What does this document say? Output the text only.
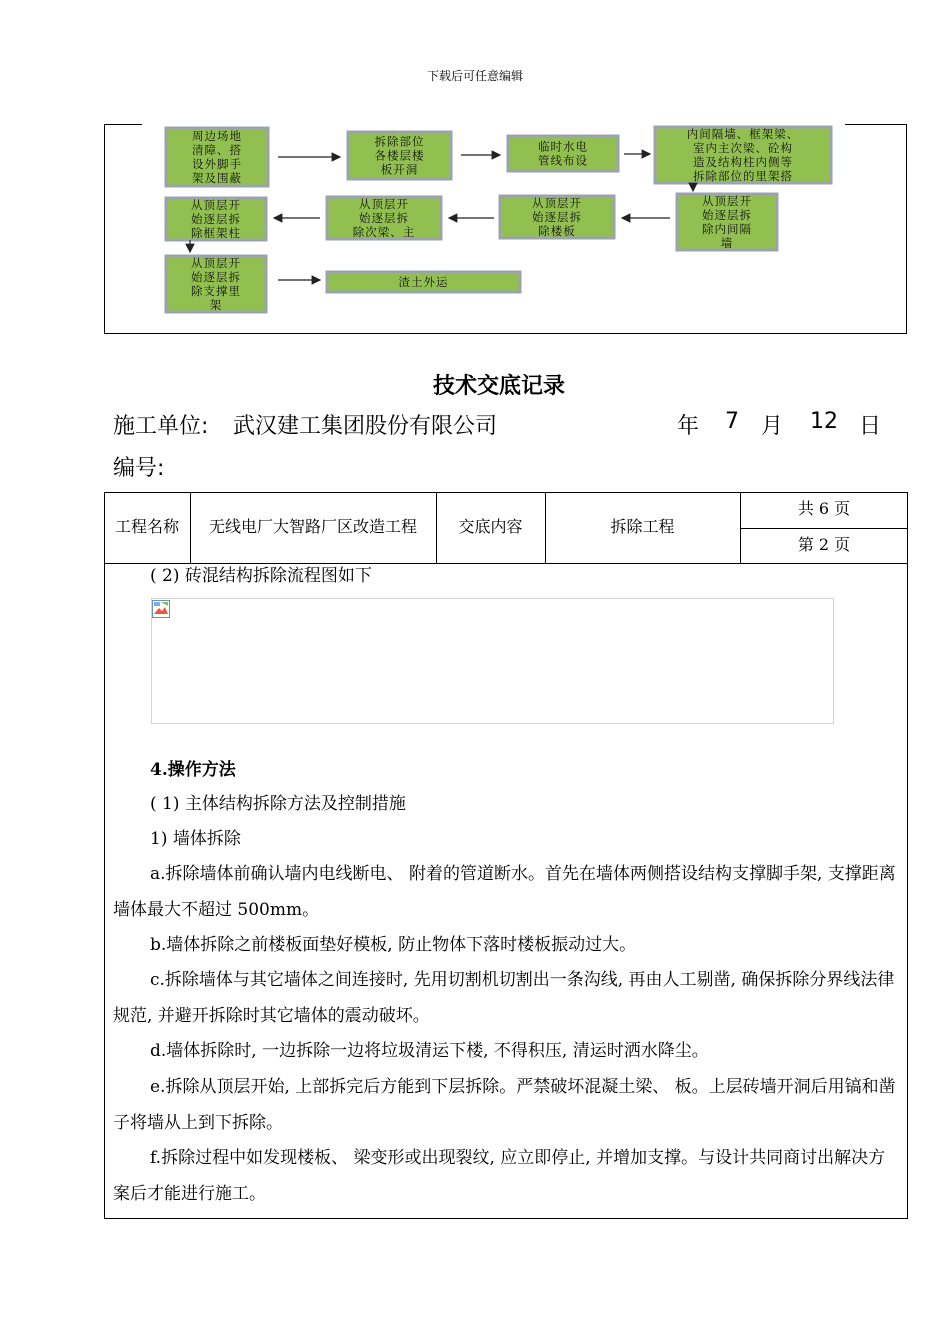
下载后可任意编辑
周边场地清障、搭设外脚手架及围蔽
拆除部位各楼层楼板开洞
临时水电管线布设
内间隔墙、框架梁、室内主次梁、砼构造及结构柱内侧等拆除部位的里架搭
从顶层开始逐层拆除内间隔墙
从顶层开始逐层拆除楼板
从顶层开始逐层拆除次梁、主
从顶层开始逐层拆除框架柱
从顶层开始逐层拆除支撑里架
渣土外运
技术交底记录
施工单位: 武汉建工集团股份有限公司	年 7 月 12 日
编号:
工程名称	无线电厂大智路厂区改造工程	交底内容	拆除工程
共 6 页
第 2 页
( 2) 砖混结构拆除流程图如下
4.操作方法
( 1) 主体结构拆除方法及控制措施
1) 墙体拆除
a.拆除墙体前确认墙内电线断电、 附着的管道断水。首先在墙体两侧搭设结构支撑脚手架, 支撑距离墙体最大不超过 500mm。
b.墙体拆除之前楼板面垫好模板, 防止物体下落时楼板振动过大。
c.拆除墙体与其它墙体之间连接时, 先用切割机切割出一条沟线, 再由人工剔凿, 确保拆除分界线法律规范, 并避开拆除时其它墙体的震动破坏。
d.墙体拆除时, 一边拆除一边将垃圾清运下楼, 不得积压, 清运时洒水降尘。
e.拆除从顶层开始, 上部拆完后方能到下层拆除。严禁破坏混凝土梁、 板。上层砖墙开洞后用镐和凿子将墙从上到下拆除。
f.拆除过程中如发现楼板、 梁变形或出现裂纹, 应立即停止, 并增加支撑。与设计共同商讨出解决方案后才能进行施工。
